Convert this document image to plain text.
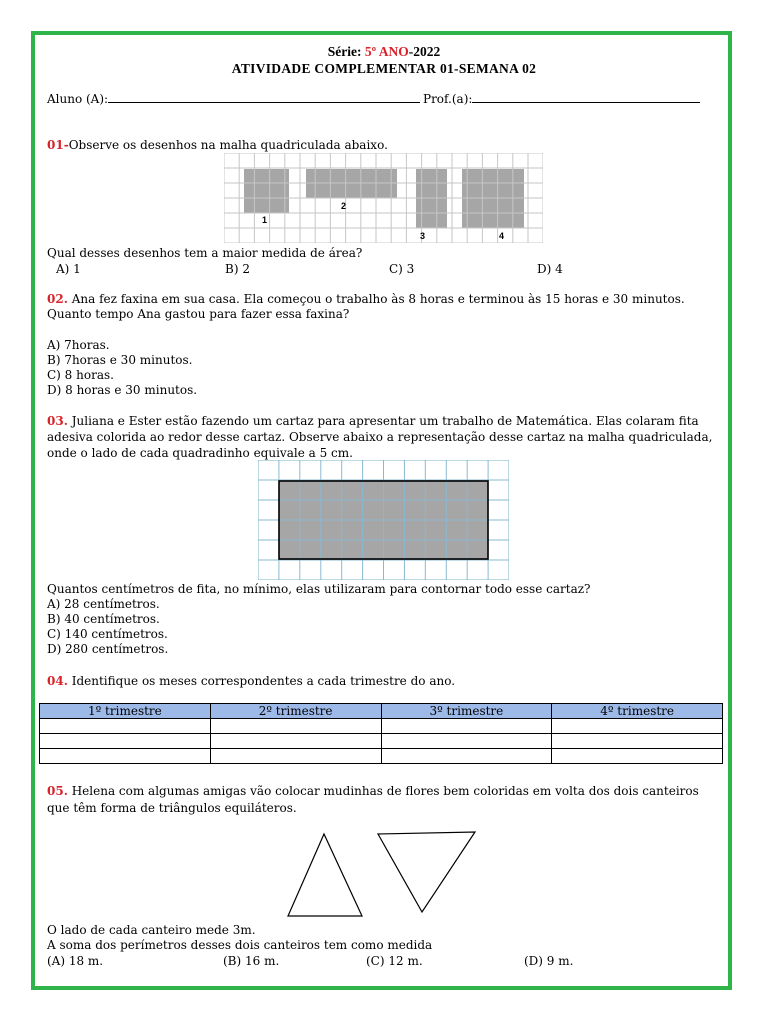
Série: 5º ANO-2022
ATIVIDADE COMPLEMENTAR 01-SEMANA 02
Aluno (A):	Prof.(a):
01-Observe os desenhos na malha quadriculada abaixo.
1
2
3	4
Qual desses desenhos tem a maior medida de área?
A) 1	B) 2	C) 3	D) 4
02. Ana fez faxina em sua casa. Ela começou o trabalho às 8 horas e terminou às 15 horas e 30 minutos.
Quanto tempo Ana gastou para fazer essa faxina?
A) 7horas.
B) 7horas e 30 minutos.
C) 8 horas.
D) 8 horas e 30 minutos.
03. Juliana e Ester estão fazendo um cartaz para apresentar um trabalho de Matemática. Elas colaram fita
adesiva colorida ao redor desse cartaz. Observe abaixo a representação desse cartaz na malha quadriculada,
onde o lado de cada quadradinho equivale a 5 cm.
Quantos centímetros de fita, no mínimo, elas utilizaram para contornar todo esse cartaz?
A) 28 centímetros.
B) 40 centímetros.
C) 140 centímetros.
D) 280 centímetros.
04. Identifique os meses correspondentes a cada trimestre do ano.
1º trimestre	2º trimestre	3º trimestre	4º trimestre

05. Helena com algumas amigas vão colocar mudinhas de flores bem coloridas em volta dos dois canteiros
que têm forma de triângulos equiláteros.
O lado de cada canteiro mede 3m.
A soma dos perímetros desses dois canteiros tem como medida
(A) 18 m.	(B) 16 m.	(C) 12 m.	(D) 9 m.
